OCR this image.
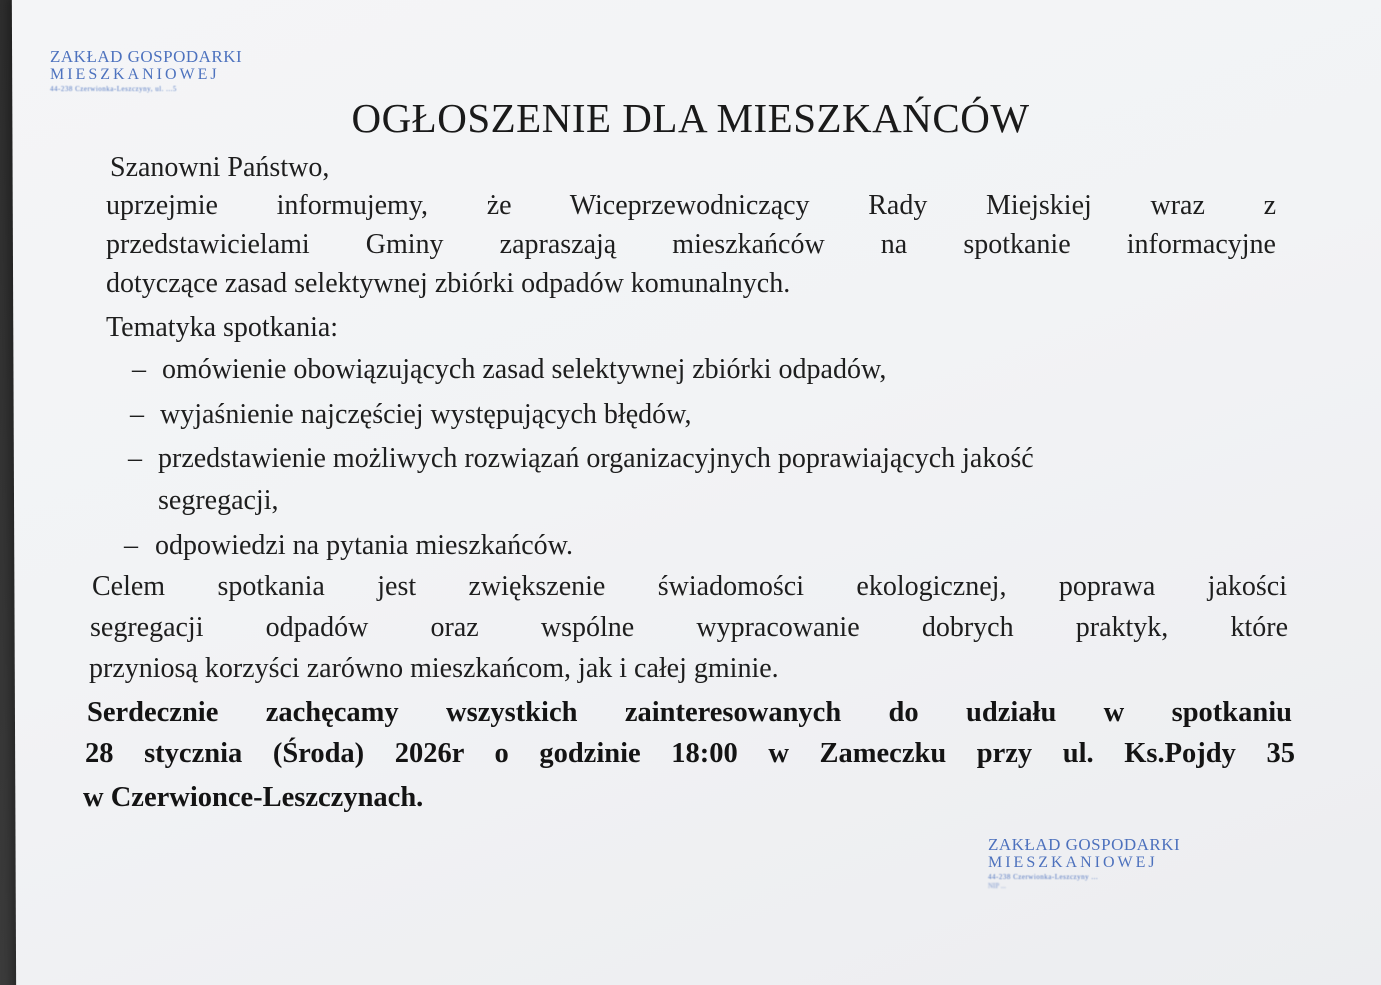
ZAKŁAD GOSPODARKI
MIESZKANIOWEJ
44-238 Czerwionka-Leszczyny, ul. ...5
OGŁOSZENIE DLA MIESZKAŃCÓW
Szanowni Państwo,
uprzejmie informujemy, że Wiceprzewodniczący Rady Miejskiej wraz z
przedstawicielami Gminy zapraszają mieszkańców na spotkanie informacyjne
dotyczące zasad selektywnej zbiórki odpadów komunalnych.
Tematyka spotkania:
– omówienie obowiązujących zasad selektywnej zbiórki odpadów,
– wyjaśnienie najczęściej występujących błędów,
– przedstawienie możliwych rozwiązań organizacyjnych poprawiających jakość
segregacji,
– odpowiedzi na pytania mieszkańców.
Celem spotkania jest zwiększenie świadomości ekologicznej, poprawa jakości
segregacji odpadów oraz wspólne wypracowanie dobrych praktyk, które
przyniosą korzyści zarówno mieszkańcom, jak i całej gminie.
Serdecznie zachęcamy wszystkich zainteresowanych do udziału w spotkaniu
28 stycznia (Środa) 2026r o godzinie 18:00 w Zameczku przy ul. Ks.Pojdy 35
w Czerwionce-Leszczynach.
ZAKŁAD GOSPODARKI
MIESZKANIOWEJ
44-238 Czerwionka-Leszczyny ...
NIP ...
